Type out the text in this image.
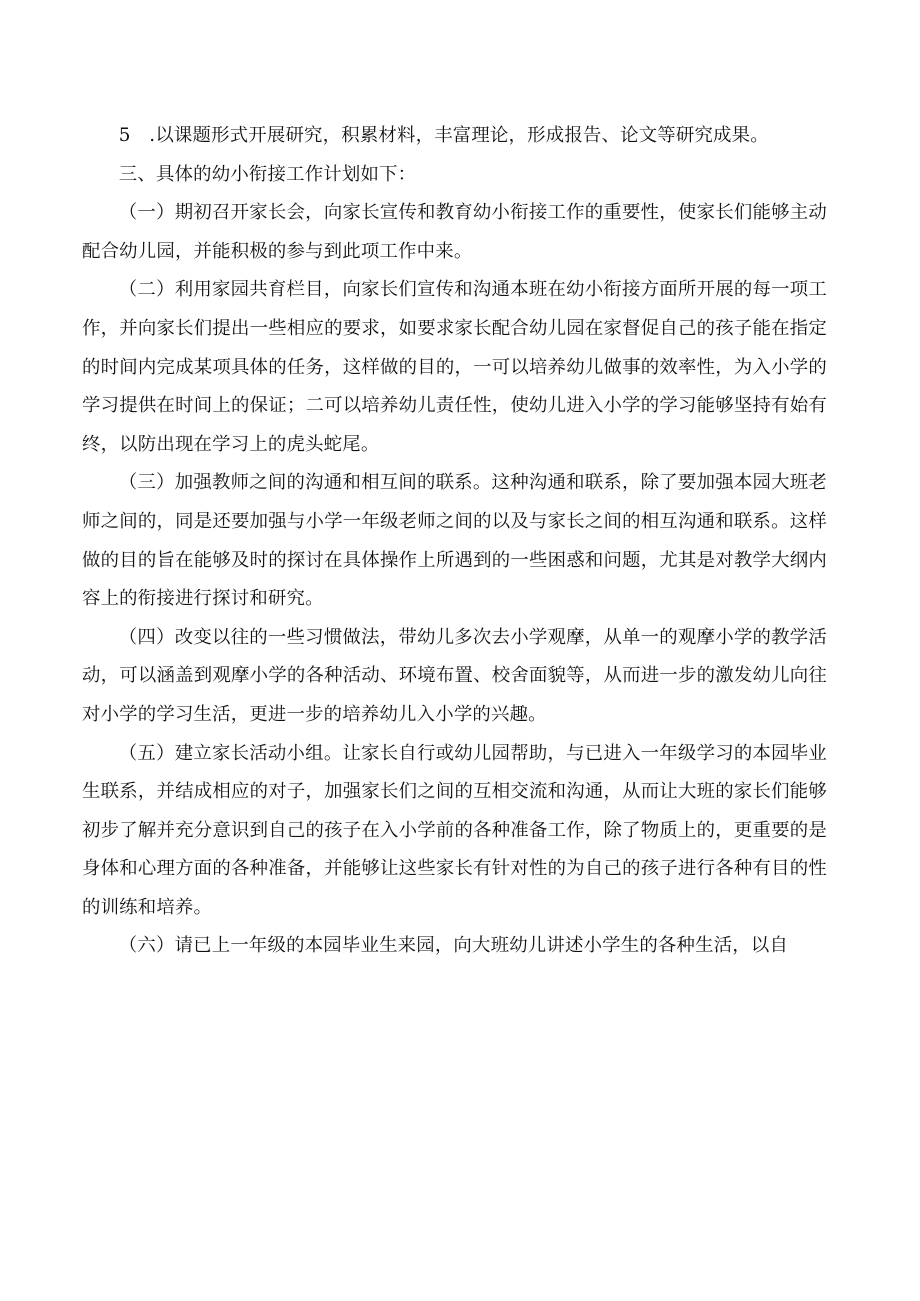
5　.以课题形式开展研究，积累材料，丰富理论，形成报告、论文等研究成果。

三、具体的幼小衔接工作计划如下：

（一）期初召开家长会，向家长宣传和教育幼小衔接工作的重要性，使家长们能够主动配合幼儿园，并能积极的参与到此项工作中来。

（二）利用家园共育栏目，向家长们宣传和沟通本班在幼小衔接方面所开展的每一项工作，并向家长们提出一些相应的要求，如要求家长配合幼儿园在家督促自己的孩子能在指定的时间内完成某项具体的任务，这样做的目的，一可以培养幼儿做事的效率性，为入小学的学习提供在时间上的保证；二可以培养幼儿责任性，使幼儿进入小学的学习能够坚持有始有终，以防出现在学习上的虎头蛇尾。

（三）加强教师之间的沟通和相互间的联系。这种沟通和联系，除了要加强本园大班老师之间的，同是还要加强与小学一年级老师之间的以及与家长之间的相互沟通和联系。这样做的目的旨在能够及时的探讨在具体操作上所遇到的一些困惑和问题，尤其是对教学大纲内容上的衔接进行探讨和研究。

（四）改变以往的一些习惯做法，带幼儿多次去小学观摩，从单一的观摩小学的教学活动，可以涵盖到观摩小学的各种活动、环境布置、校舍面貌等，从而进一步的激发幼儿向往对小学的学习生活，更进一步的培养幼儿入小学的兴趣。

（五）建立家长活动小组。让家长自行或幼儿园帮助，与已进入一年级学习的本园毕业生联系，并结成相应的对子，加强家长们之间的互相交流和沟通，从而让大班的家长们能够初步了解并充分意识到自己的孩子在入小学前的各种准备工作，除了物质上的，更重要的是身体和心理方面的各种准备，并能够让这些家长有针对性的为自己的孩子进行各种有目的性的训练和培养。

（六）请已上一年级的本园毕业生来园，向大班幼儿讲述小学生的各种生活，以自
